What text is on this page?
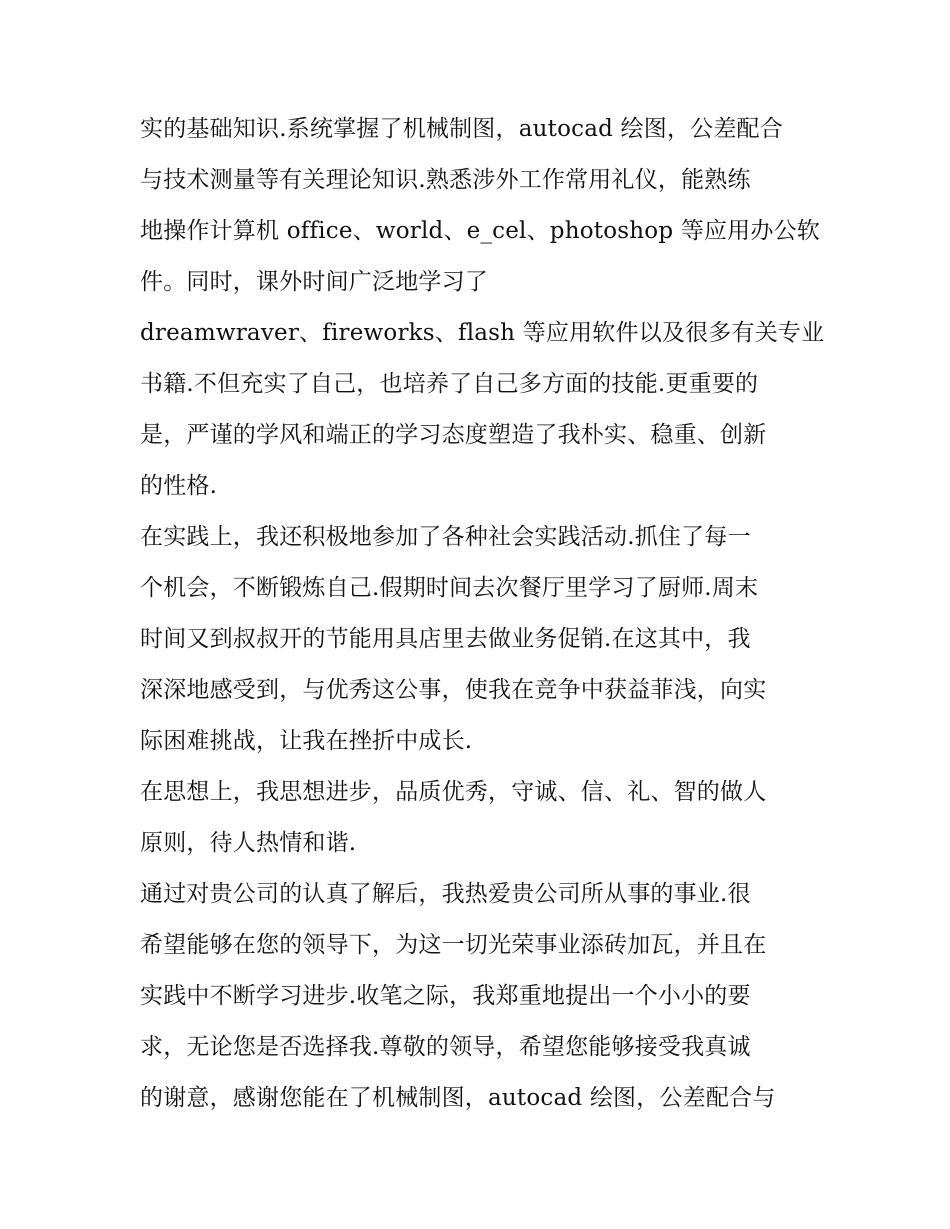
实的基础知识.系统掌握了机械制图，autocad 绘图，公差配合
与技术测量等有关理论知识.熟悉涉外工作常用礼仪，能熟练
地操作计算机 office、world、e_cel、photoshop 等应用办公软
件。同时，课外时间广泛地学习了
dreamwraver、fireworks、flash 等应用软件以及很多有关专业
书籍.不但充实了自己，也培养了自己多方面的技能.更重要的
是，严谨的学风和端正的学习态度塑造了我朴实、稳重、创新
的性格.
在实践上，我还积极地参加了各种社会实践活动.抓住了每一
个机会，不断锻炼自己.假期时间去次餐厅里学习了厨师.周末
时间又到叔叔开的节能用具店里去做业务促销.在这其中，我
深深地感受到，与优秀这公事，使我在竞争中获益菲浅，向实
际困难挑战，让我在挫折中成长.
在思想上，我思想进步，品质优秀，守诚、信、礼、智的做人
原则，待人热情和谐.
通过对贵公司的认真了解后，我热爱贵公司所从事的事业.很
希望能够在您的领导下，为这一切光荣事业添砖加瓦，并且在
实践中不断学习进步.收笔之际，我郑重地提出一个小小的要
求，无论您是否选择我.尊敬的领导，希望您能够接受我真诚
的谢意，感谢您能在了机械制图，autocad 绘图，公差配合与
